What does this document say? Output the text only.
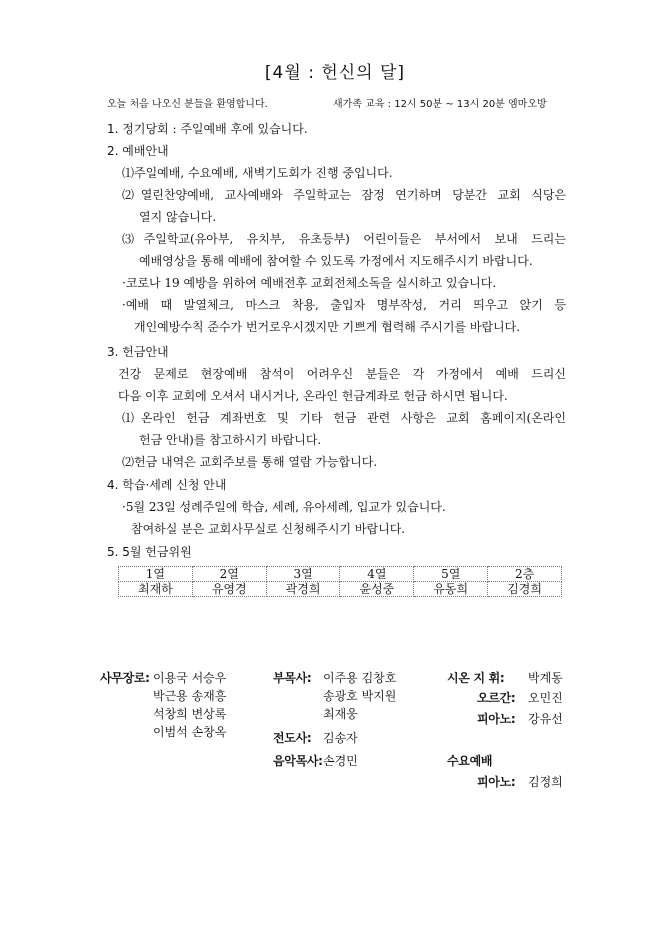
[4월 : 헌신의 달]
오늘 처음 나오신 분들을 환영합니다.	새가족 교육 : 12시 50분 ~ 13시 20분 엠마오방
1. 정기당회 : 주일예배 후에 있습니다.
2. 예배안내
⑴주일예배, 수요예배, 새벽기도회가 진행 중입니다.
⑵열린찬양예배, 교사예배와 주일학교는 잠정 연기하며 당분간 교회 식당은
열지 않습니다.
⑶주일학교(유아부, 유치부, 유초등부) 어린이들은 부서에서 보내 드리는
예배영상을 통해 예배에 참여할 수 있도록 가정에서 지도해주시기 바랍니다.
·코로나 19 예방을 위하여 예배전후 교회전체소독을 실시하고 있습니다.
·예배 때 발열체크, 마스크 착용, 출입자 명부작성, 거리 띄우고 앉기 등
개인예방수칙 준수가 번거로우시겠지만 기쁘게 협력해 주시기를 바랍니다.
3. 헌금안내
건강 문제로 현장예배 참석이 어려우신 분들은 각 가정에서 예배 드리신
다음 이후 교회에 오셔서 내시거나, 온라인 헌금계좌로 헌금 하시면 됩니다.
⑴온라인 헌금 계좌번호 및 기타 헌금 관련 사항은 교회 홈페이지(온라인
헌금 안내)를 참고하시기 바랍니다.
⑵헌금 내역은 교회주보를 통해 열람 가능합니다.
4. 학습·세례 신청 안내
·5월 23일 성례주일에 학습, 세례, 유아세례, 입교가 있습니다.
참여하실 분은 교회사무실로 신청해주시기 바랍니다.
5. 5월 헌금위원
1열	2열	3열	4열	5열	2층
최재하	유영경	곽경희	윤성중	유동희	김경희
사무장로: 이용국 서승우
박근용 송재흥
석창희 변상록
이범석 손창옥
부목사: 이주용 김창호
송광호 박지원
최재웅
전도사: 김송자
음악목사: 손경민
시온 지 휘: 박계동
오르간: 오민진
피아노: 강유선
수요예배
피아노: 김정희
